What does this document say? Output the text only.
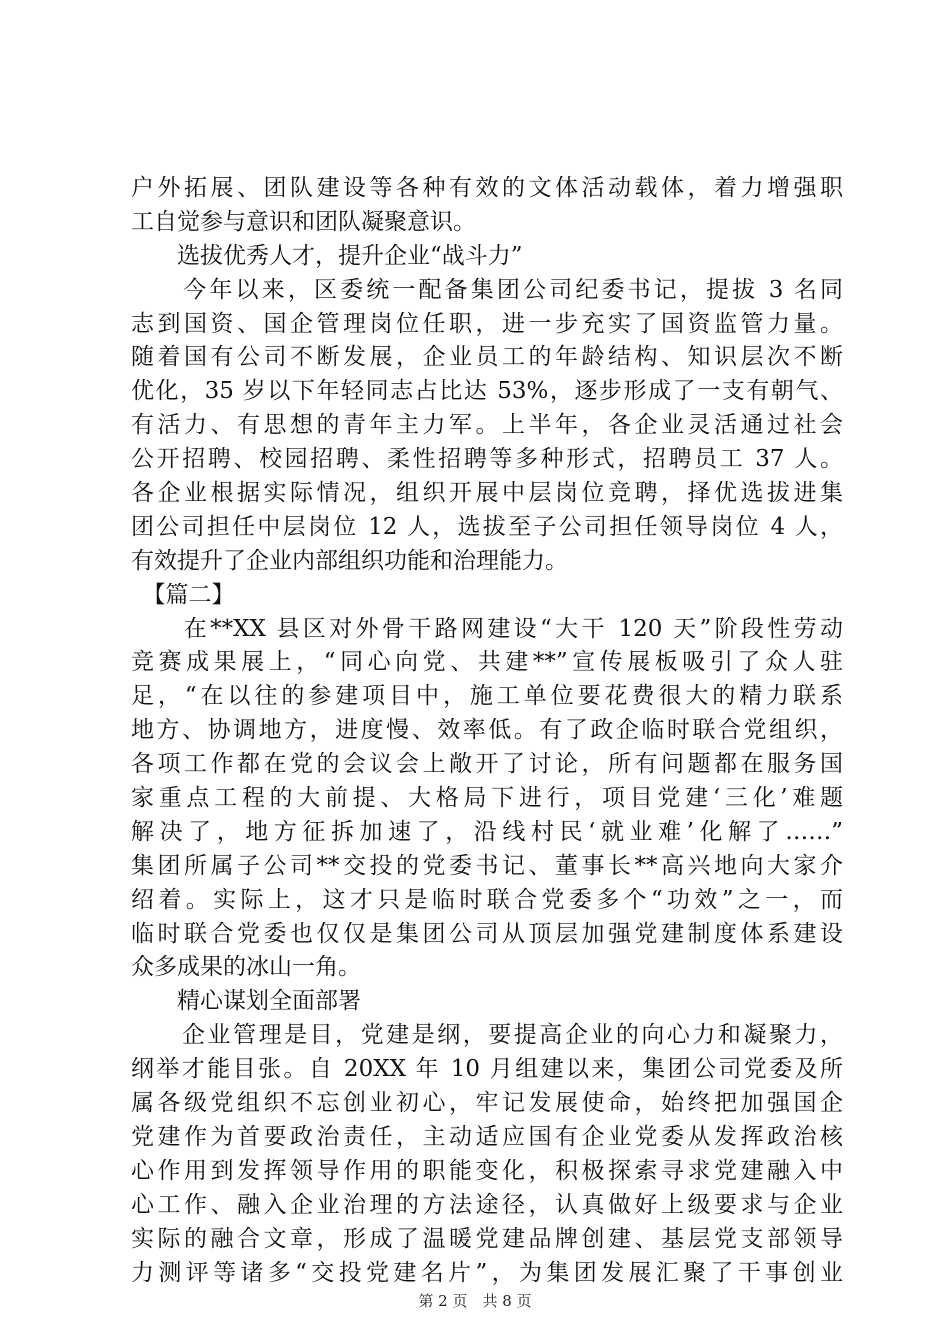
户外拓展、团队建设等各种有效的文体活动载体，着力增强职
工自觉参与意识和团队凝聚意识。
　　选拔优秀人才，提升企业“战斗力”
　　今年以来，区委统一配备集团公司纪委书记，提拔 3 名同
志到国资、国企管理岗位任职，进一步充实了国资监管力量。
随着国有公司不断发展，企业员工的年龄结构、知识层次不断
优化，35 岁以下年轻同志占比达 53%，逐步形成了一支有朝气、
有活力、有思想的青年主力军。上半年，各企业灵活通过社会
公开招聘、校园招聘、柔性招聘等多种形式，招聘员工 37 人。
各企业根据实际情况，组织开展中层岗位竞聘，择优选拔进集
团公司担任中层岗位 12 人，选拔至子公司担任领导岗位 4 人，
有效提升了企业内部组织功能和治理能力。
　【篇二】
　　在**XX 县区对外骨干路网建设“大干 120 天”阶段性劳动
竞赛成果展上，“同心向党、共建**”宣传展板吸引了众人驻
足，“在以往的参建项目中，施工单位要花费很大的精力联系
地方、协调地方，进度慢、效率低。有了政企临时联合党组织，
各项工作都在党的会议会上敞开了讨论，所有问题都在服务国
家重点工程的大前提、大格局下进行，项目党建‘三化’难题
解决了，地方征拆加速了，沿线村民‘就业难’化解了……”
集团所属子公司**交投的党委书记、董事长**高兴地向大家介
绍着。实际上，这才只是临时联合党委多个“功效”之一，而
临时联合党委也仅仅是集团公司从顶层加强党建制度体系建设
众多成果的冰山一角。
　　精心谋划全面部署
　　企业管理是目，党建是纲，要提高企业的向心力和凝聚力，
纲举才能目张。自 20XX 年 10 月组建以来，集团公司党委及所
属各级党组织不忘创业初心，牢记发展使命，始终把加强国企
党建作为首要政治责任，主动适应国有企业党委从发挥政治核
心作用到发挥领导作用的职能变化，积极探索寻求党建融入中
心工作、融入企业治理的方法途径，认真做好上级要求与企业
实际的融合文章，形成了温暖党建品牌创建、基层党支部领导
力测评等诸多“交投党建名片”，为集团发展汇聚了干事创业
第 2 页　共 8 页
